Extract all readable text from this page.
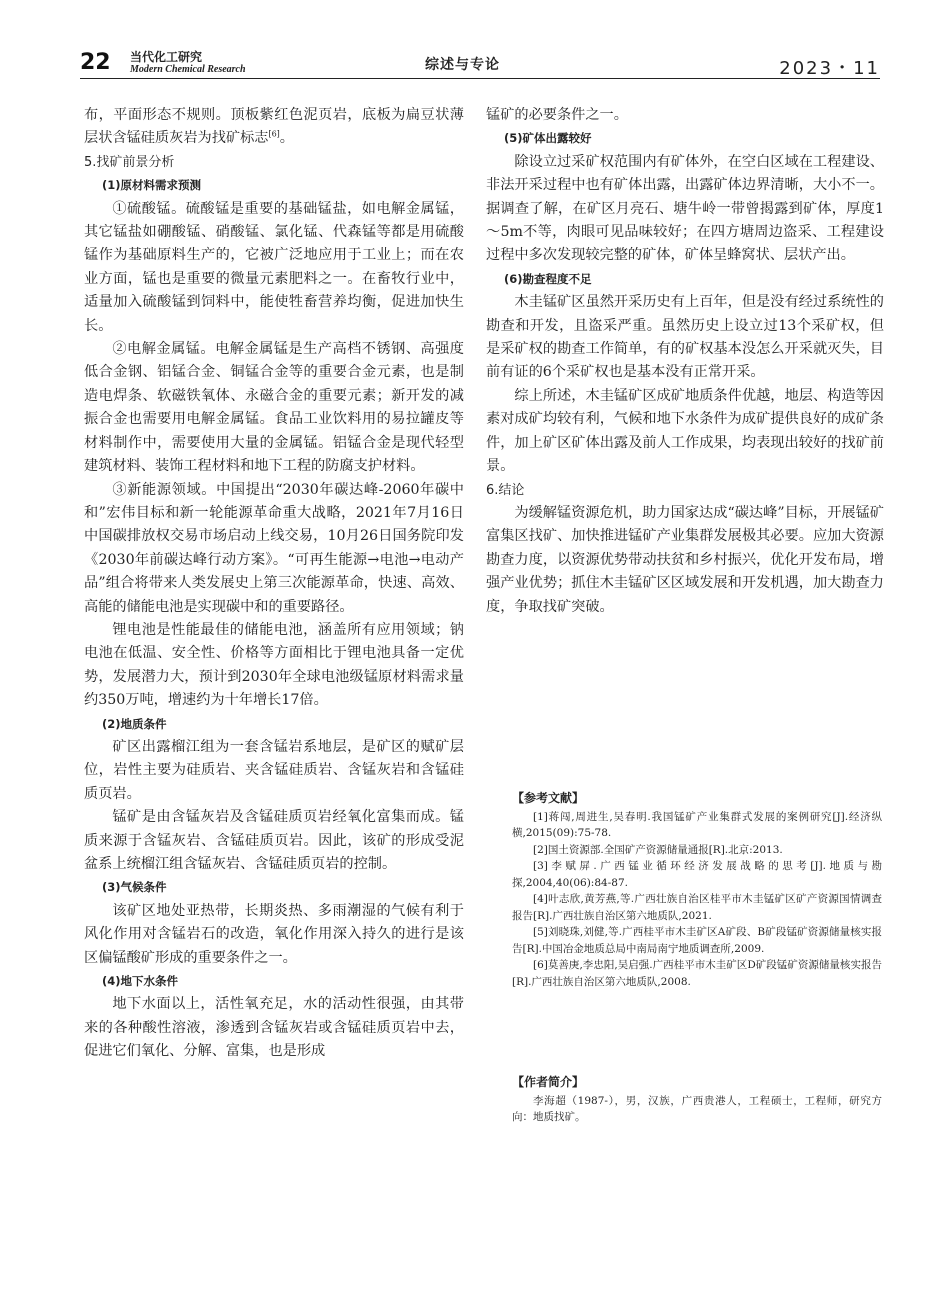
22 当代化工研究
Modern Chemical Research	综述与专论	2023・11

布，平面形态不规则。顶板紫红色泥页岩，底板为扁豆状薄层状含锰硅质灰岩为找矿标志[6]。

5.找矿前景分析
(1)原材料需求预测

①硫酸锰。硫酸锰是重要的基础锰盐，如电解金属锰，其它锰盐如硼酸锰、硝酸锰、氯化锰、代森锰等都是用硫酸锰作为基础原料生产的，它被广泛地应用于工业上；而在农业方面，锰也是重要的微量元素肥料之一。在畜牧行业中，适量加入硫酸锰到饲料中，能使牲畜营养均衡，促进加快生长。

②电解金属锰。电解金属锰是生产高档不锈钢、高强度低合金钢、铝锰合金、铜锰合金等的重要合金元素，也是制造电焊条、软磁铁氧体、永磁合金的重要元素；新开发的减振合金也需要用电解金属锰。食品工业饮料用的易拉罐皮等材料制作中，需要使用大量的金属锰。铝锰合金是现代轻型建筑材料、装饰工程材料和地下工程的防腐支护材料。

③新能源领域。中国提出“2030年碳达峰-2060年碳中和”宏伟目标和新一轮能源革命重大战略，2021年7月16日中国碳排放权交易市场启动上线交易，10月26日国务院印发《2030年前碳达峰行动方案》。“可再生能源→电池→电动产品”组合将带来人类发展史上第三次能源革命，快速、高效、高能的储能电池是实现碳中和的重要路径。

锂电池是性能最佳的储能电池，涵盖所有应用领域；钠电池在低温、安全性、价格等方面相比于锂电池具备一定优势，发展潜力大，预计到2030年全球电池级锰原材料需求量约350万吨，增速约为十年增长17倍。

(2)地质条件

矿区出露榴江组为一套含锰岩系地层，是矿区的赋矿层位，岩性主要为硅质岩、夹含锰硅质岩、含锰灰岩和含锰硅质页岩。

锰矿是由含锰灰岩及含锰硅质页岩经氧化富集而成。锰质来源于含锰灰岩、含锰硅质页岩。因此，该矿的形成受泥盆系上统榴江组含锰灰岩、含锰硅质页岩的控制。

(3)气候条件

该矿区地处亚热带，长期炎热、多雨潮湿的气候有利于风化作用对含锰岩石的改造，氧化作用深入持久的进行是该区偏锰酸矿形成的重要条件之一。

(4)地下水条件

地下水面以上，活性氧充足，水的活动性很强，由其带来的各种酸性溶液，渗透到含锰灰岩或含锰硅质页岩中去，促进它们氧化、分解、富集，也是形成

锰矿的必要条件之一。

(5)矿体出露较好

除设立过采矿权范围内有矿体外，在空白区域在工程建设、非法开采过程中也有矿体出露，出露矿体边界清晰，大小不一。据调查了解，在矿区月亮石、塘牛岭一带曾揭露到矿体，厚度1～5m不等，肉眼可见品味较好；在四方塘周边盗采、工程建设过程中多次发现较完整的矿体，矿体呈蜂窝状、层状产出。

(6)勘查程度不足

木圭锰矿区虽然开采历史有上百年，但是没有经过系统性的勘查和开发，且盗采严重。虽然历史上设立过13个采矿权，但是采矿权的勘查工作简单，有的矿权基本没怎么开采就灭失，目前有证的6个采矿权也是基本没有正常开采。

综上所述，木圭锰矿区成矿地质条件优越，地层、构造等因素对成矿均较有利，气候和地下水条件为成矿提供良好的成矿条件，加上矿区矿体出露及前人工作成果，均表现出较好的找矿前景。

6.结论

为缓解锰资源危机，助力国家达成“碳达峰”目标，开展锰矿富集区找矿、加快推进锰矿产业集群发展极其必要。应加大资源勘查力度，以资源优势带动扶贫和乡村振兴，优化开发布局，增强产业优势；抓住木圭锰矿区区域发展和开发机遇，加大勘查力度，争取找矿突破。

【参考文献】

[1]蒋闯,周进生,吴春明.我国锰矿产业集群式发展的案例研究[J].经济纵横,2015(09):75-78.

[2]国土资源部.全国矿产资源储量通报[R].北京:2013.

[3]李赋屏.广西锰业循环经济发展战略的思考[J].地质与勘探,2004,40(06):84-87.

[4]叶志欣,黄芳燕,等.广西壮族自治区桂平市木圭锰矿区矿产资源国情调查报告[R].广西壮族自治区第六地质队,2021.

[5]刘晓珠,刘健,等.广西桂平市木圭矿区A矿段、B矿段锰矿资源储量核实报告[R].中国冶金地质总局中南局南宁地质调查所,2009.

[6]莫善庚,李忠阳,吴启强.广西桂平市木圭矿区D矿段锰矿资源储量核实报告[R].广西壮族自治区第六地质队,2008.

【作者简介】

李海超（1987-），男，汉族，广西贵港人，工程硕士，工程师，研究方向：地质找矿。
